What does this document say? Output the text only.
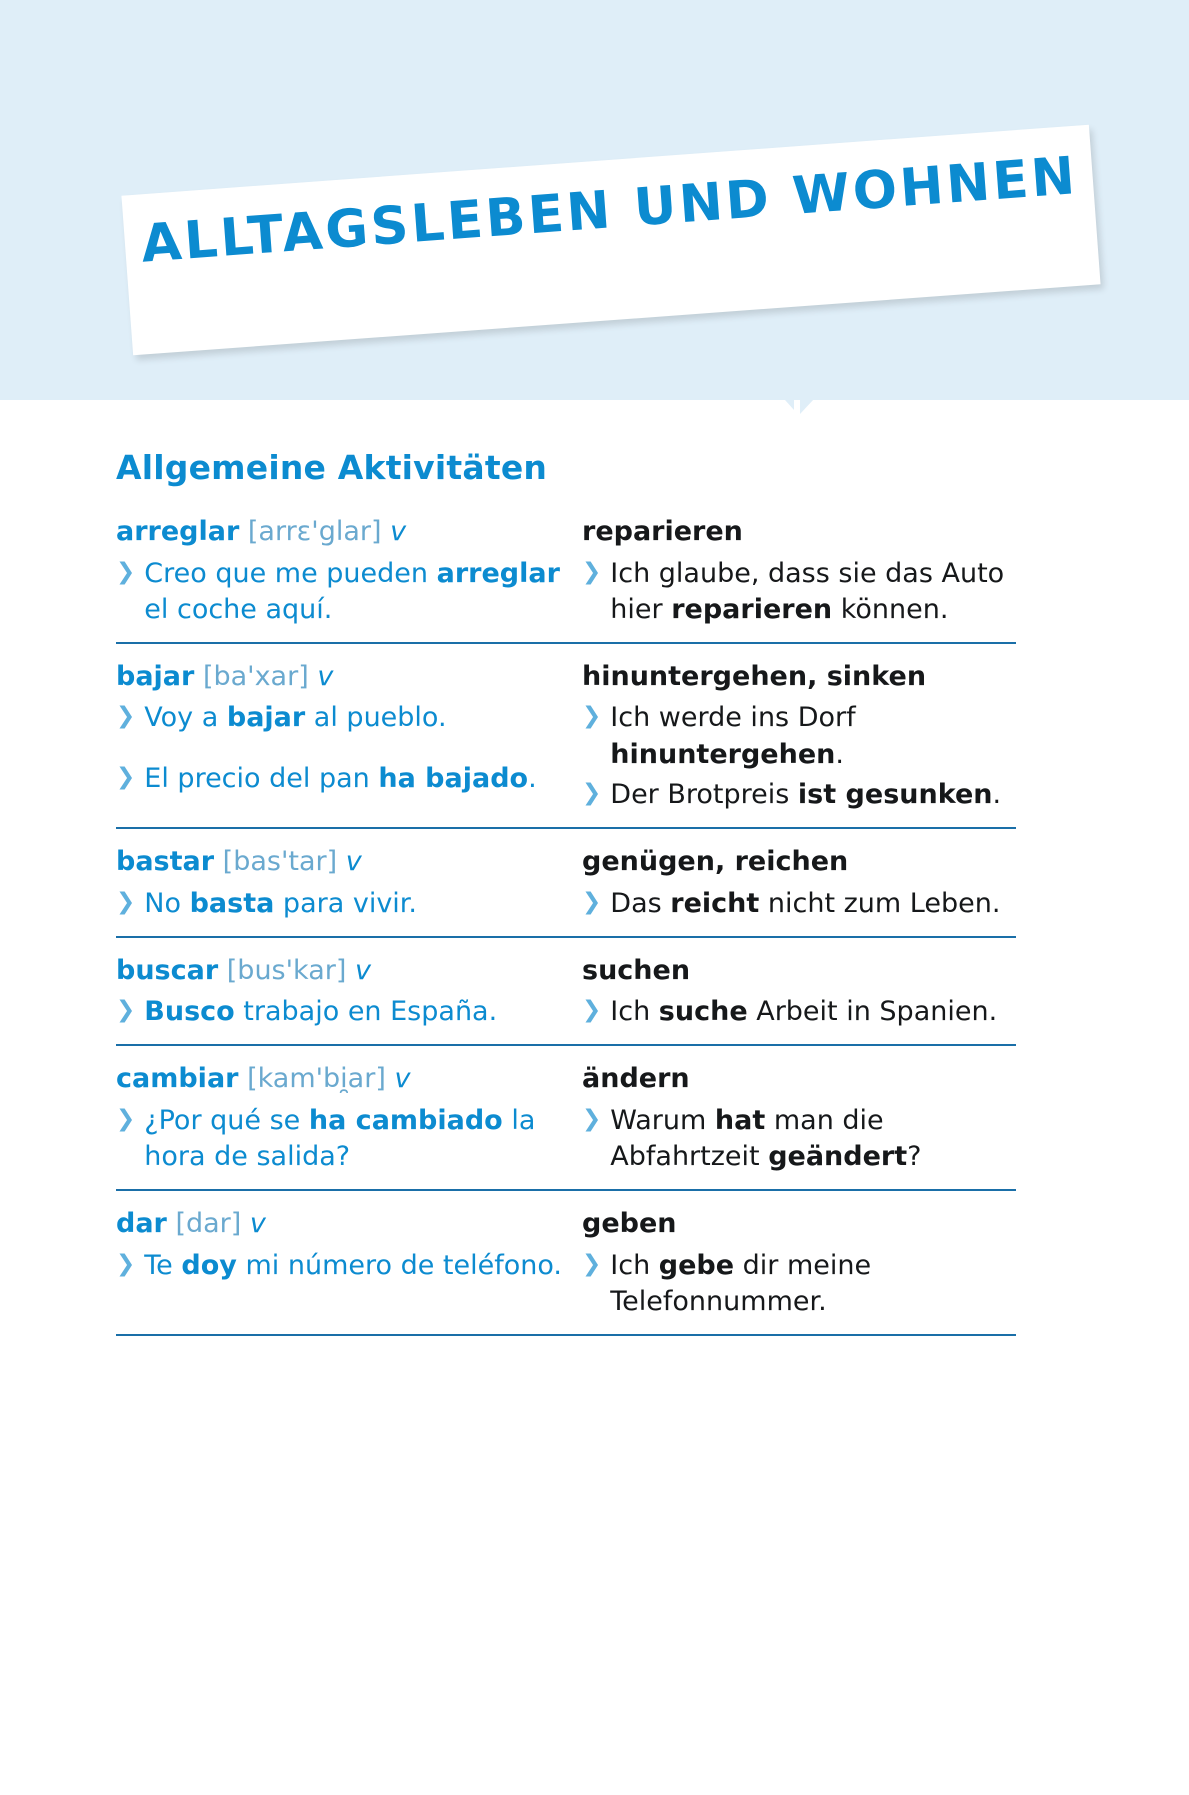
ALLTAGSLEBEN UND WOHNEN
Allgemeine Aktivitäten
arreglar [arrɛ'glar] v
❯ Creo que me pueden arreglar el coche aquí.
reparieren
❯ Ich glaube, dass sie das Auto hier reparieren können.
bajar [ba'xar] v
❯ Voy a bajar al pueblo.
❯ El precio del pan ha bajado.
hinuntergehen, sinken
❯ Ich werde ins Dorf hinuntergehen.
❯ Der Brotpreis ist gesunken.
bastar [bas'tar] v
❯ No basta para vivir.
genügen, reichen
❯ Das reicht nicht zum Leben.
buscar [bus'kar] v
❯ Busco trabajo en España.
suchen
❯ Ich suche Arbeit in Spanien.
cambiar [kam'bi̯ar] v
❯ ¿Por qué se ha cambiado la hora de salida?
ändern
❯ Warum hat man die Abfahrtzeit geändert?
dar [dar] v
❯ Te doy mi número de teléfono.
geben
❯ Ich gebe dir meine Telefonnummer.
